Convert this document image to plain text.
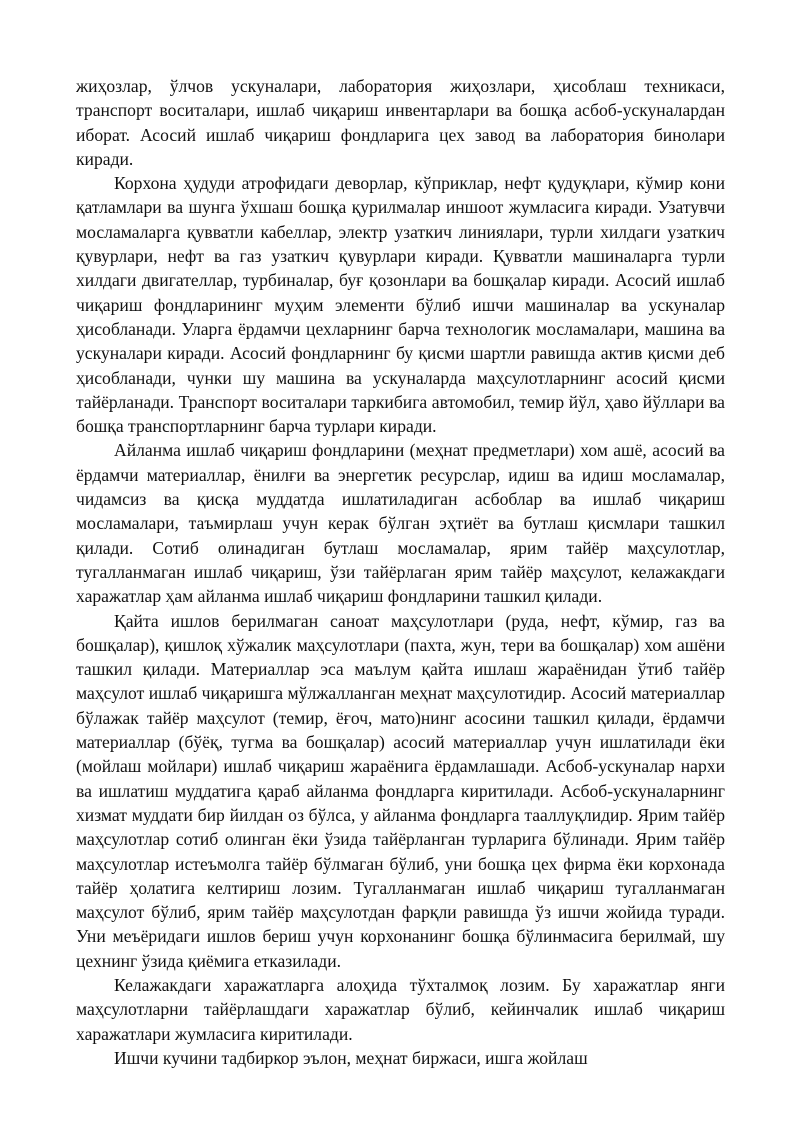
жиҳозлар, ўлчов ускуналари, лаборатория жиҳозлари, ҳисоблаш техникаси, транспорт воситалари, ишлаб чиқариш инвентарлари ва бошқа асбоб-ускуналардан иборат. Асосий ишлаб чиқариш фондларига цех завод ва лаборатория бинолари киради.

Корхона ҳудуди атрофидаги деворлар, кўприклар, нефт қудуқлари, кўмир кони қатламлари ва шунга ўхшаш бошқа қурилмалар иншоот жумласига киради. Узатувчи мосламаларга қувватли кабеллар, электр узаткич линиялари, турли хилдаги узаткич қувурлари, нефт ва газ узаткич қувурлари киради. Қувватли машиналарга турли хилдаги двигателлар, турбиналар, буғ қозонлари ва бошқалар киради. Асосий ишлаб чиқариш фондларининг муҳим элементи бўлиб ишчи машиналар ва ускуналар ҳисобланади. Уларга ёрдамчи цехларнинг барча технологик мосламалари, машина ва ускуналари киради. Асосий фондларнинг бу қисми шартли равишда актив қисми деб ҳисобланади, чунки шу машина ва ускуналарда маҳсулотларнинг асосий қисми тайёрланади. Транспорт воситалари таркибига автомобил, темир йўл, ҳаво йўллари ва бошқа транспортларнинг барча турлари киради.

Айланма ишлаб чиқариш фондларини (меҳнат предметлари) хом ашё, асосий ва ёрдамчи материаллар, ёнилғи ва энергетик ресурслар, идиш ва идиш мосламалар, чидамсиз ва қисқа муддатда ишлатиладиган асбоблар ва ишлаб чиқариш мосламалари, таъмирлаш учун керак бўлган эҳтиёт ва бутлаш қисмлари ташкил қилади. Сотиб олинадиган бутлаш мосламалар, ярим тайёр маҳсулотлар, тугалланмаган ишлаб чиқариш, ўзи тайёрлаган ярим тайёр маҳсулот, келажакдаги харажатлар ҳам айланма ишлаб чиқариш фондларини ташкил қилади.

Қайта ишлов берилмаган саноат маҳсулотлари (руда, нефт, кўмир, газ ва бошқалар), қишлоқ хўжалик маҳсулотлари (пахта, жун, тери ва бошқалар) хом ашёни ташкил қилади. Материаллар эса маълум қайта ишлаш жараёнидан ўтиб тайёр маҳсулот ишлаб чиқаришга мўлжалланган меҳнат маҳсулотидир. Асосий материаллар бўлажак тайёр маҳсулот (темир, ёғоч, мато)нинг асосини ташкил қилади, ёрдамчи материаллар (бўёқ, тугма ва бошқалар) асосий материаллар учун ишлатилади ёки (мойлаш мойлари) ишлаб чиқариш жараёнига ёрдамлашади. Асбоб-ускуналар нархи ва ишлатиш муддатига қараб айланма фондларга киритилади. Асбоб-ускуналарнинг хизмат муддати бир йилдан оз бўлса, у айланма фондларга тааллуқлидир. Ярим тайёр маҳсулотлар сотиб олинган ёки ўзида тайёрланган турларига бўлинади. Ярим тайёр маҳсулотлар истеъмолга тайёр бўлмаган бўлиб, уни бошқа цех фирма ёки корхонада тайёр ҳолатига келтириш лозим. Тугалланмаган ишлаб чиқариш тугалланмаган маҳсулот бўлиб, ярим тайёр маҳсулотдан фарқли равишда ўз ишчи жойида туради. Уни меъёридаги ишлов бериш учун корхонанинг бошқа бўлинмасига берилмай, шу цехнинг ўзида қиёмига етказилади.

Келажакдаги харажатларга алоҳида тўхталмоқ лозим. Бу харажатлар янги маҳсулотларни тайёрлашдаги харажатлар бўлиб, кейинчалик ишлаб чиқариш харажатлари жумласига киритилади.

Ишчи кучини тадбиркор эълон, меҳнат биржаси, ишга жойлаш
